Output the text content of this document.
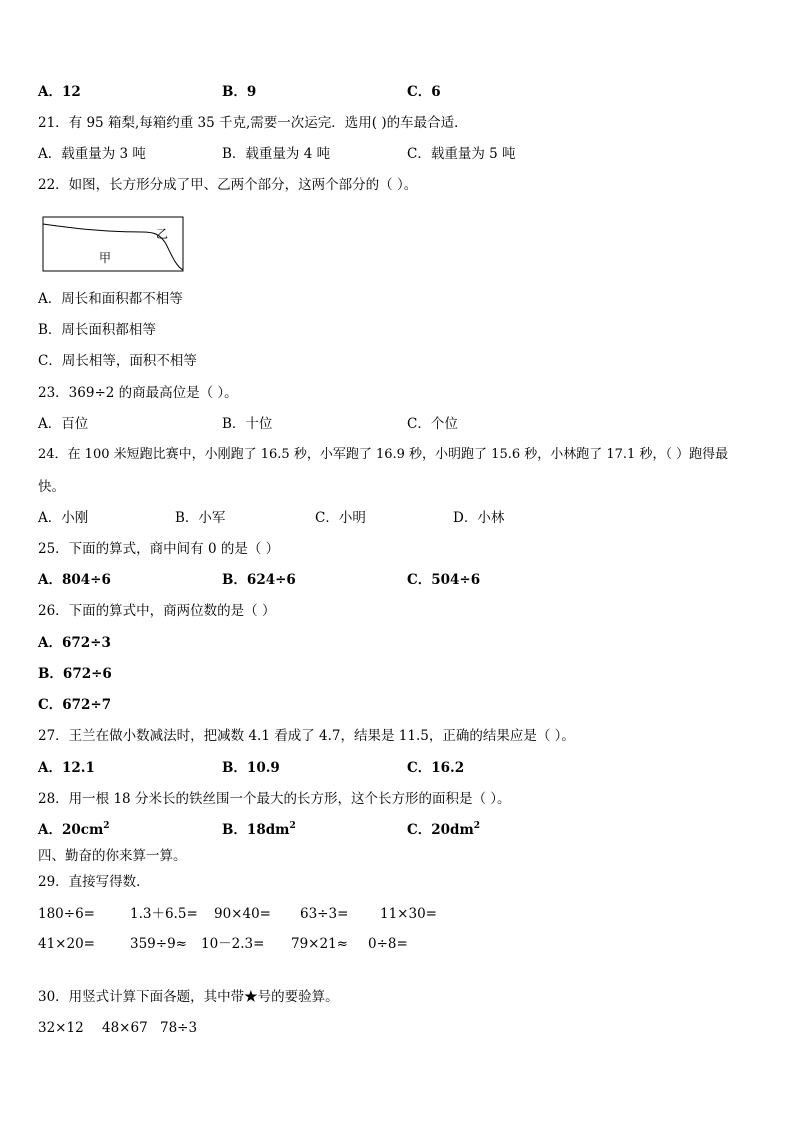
A．12	B．9	C．6
21．有 95 箱梨,每箱约重 35 千克,需要一次运完．选用( )的车最合适．
A．载重量为 3 吨	B．载重量为 4 吨	C．载重量为 5 吨
22．如图，长方形分成了甲、乙两个部分，这两个部分的（ ）。
甲
乙
A．周长和面积都不相等
B．周长面积都相等
C．周长相等，面积不相等
23．369÷2 的商最高位是（ ）。
A．百位	B．十位	C．个位
24．在 100 米短跑比赛中，小刚跑了 16.5 秒，小军跑了 16.9 秒，小明跑了 15.6 秒，小林跑了 17.1 秒，（ ）跑得最
快。
A．小刚	B．小军	C．小明	D．小林
25．下面的算式，商中间有 0 的是（ ）
A．804÷6	B．624÷6	C．504÷6
26．下面的算式中，商两位数的是（ ）
A．672÷3
B．672÷6
C．672÷7
27．王兰在做小数减法时，把减数 4.1 看成了 4.7，结果是 11.5，正确的结果应是（ ）。
A．12.1	B．10.9	C．16.2
28．用一根 18 分米长的铁丝围一个最大的长方形，这个长方形的面积是（ ）。
A．$20cm^2$	B．$18dm^2$	C．$20dm^2$
四、勤奋的你来算一算。
29．直接写得数．
180÷6=	1.3＋6.5= 90×40= 63÷3= 11×30=
41×20=	359÷9≈ 10－2.3= 79×21≈ 0÷8=
30．用竖式计算下面各题，其中带★号的要验算。
32×12 48×67 78÷3
